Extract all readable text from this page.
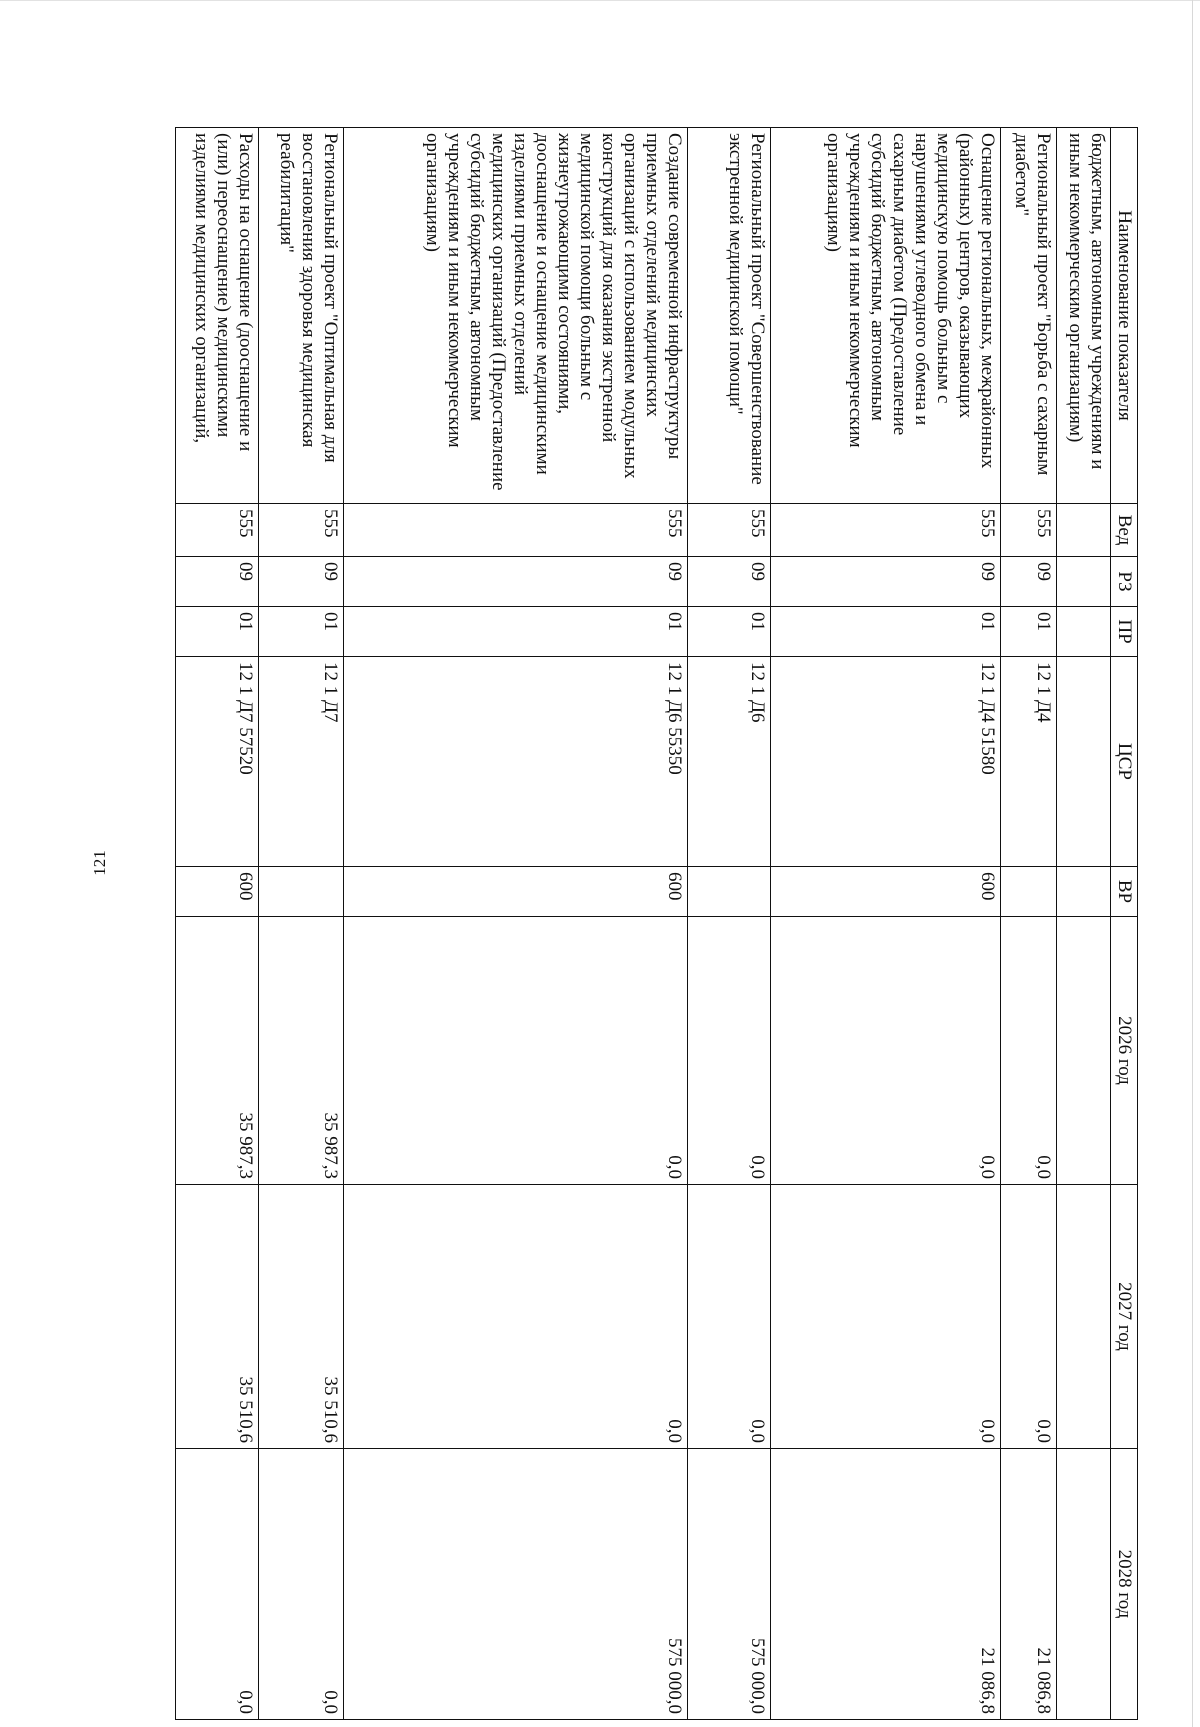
121
Наименование показателя	Вед	РЗ	ПР	ЦСР	ВР	2026 год	2027 год	2028 год
бюджетным, автономным учреждениям и иным некоммерческим организациям)								
Региональный проект "Борьба с сахарным диабетом"	555	09	01	12 1 Д4		0,0	0,0	21 086,8
Оснащение региональных, межрайонных (районных) центров, оказывающих медицинскую помощь больным с нарушениями углеводного обмена и сахарным диабетом (Предоставление субсидий бюджетным, автономным учреждениям и иным некоммерческим организациям)	555	09	01	12 1 Д4 51580	600	0,0	0,0	21 086,8
Региональный проект "Совершенствование экстренной медицинской помощи"	555	09	01	12 1 Д6		0,0	0,0	575 000,0
Создание современной инфраструктуры приемных отделений медицинских организаций с использованием модульных конструкций для оказания экстренной медицинской помощи больным с жизнеугрожающими состояниями, дооснащение и оснащение медицинскими изделиями приемных отделений медицинских организаций (Предоставление субсидий бюджетным, автономным учреждениям и иным некоммерческим организациям)	555	09	01	12 1 Д6 55350	600	0,0	0,0	575 000,0
Региональный проект "Оптимальная для восстановления здоровья медицинская реабилитация"	555	09	01	12 1 Д7		35 987,3	35 510,6	0,0
Расходы на оснащение (дооснащение и (или) переоснащение) медицинскими изделиями медицинских организаций,	555	09	01	12 1 Д7 57520	600	35 987,3	35 510,6	0,0
